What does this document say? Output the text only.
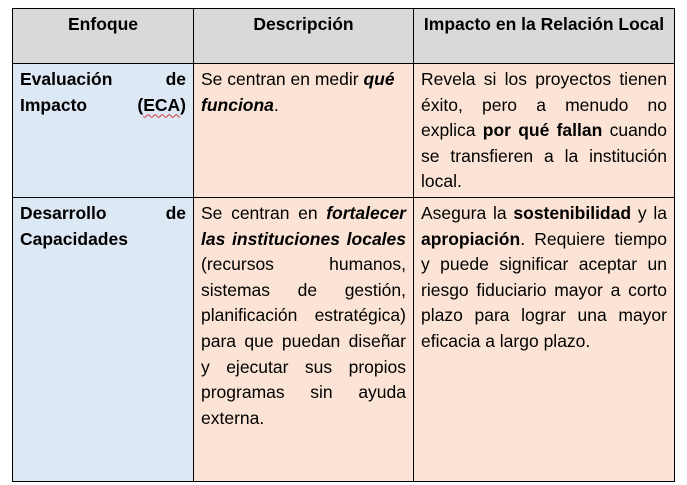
Enfoque	Descripción	Impacto en la Relación Local
Evaluación de Impacto (ECA)	Se centran en medir qué funciona.	Revela si los proyectos tienen éxito, pero a menudo no explica por qué fallan cuando se transfieren a la institución local.
Desarrollo de Capacidades	Se centran en fortalecer las instituciones locales (recursos humanos, sistemas de gestión, planificación estratégica) para que puedan diseñar y ejecutar sus propios programas sin ayuda externa.	Asegura la sostenibilidad y la apropiación. Requiere tiempo y puede significar aceptar un riesgo fiduciario mayor a corto plazo para lograr una mayor eficacia a largo plazo.
